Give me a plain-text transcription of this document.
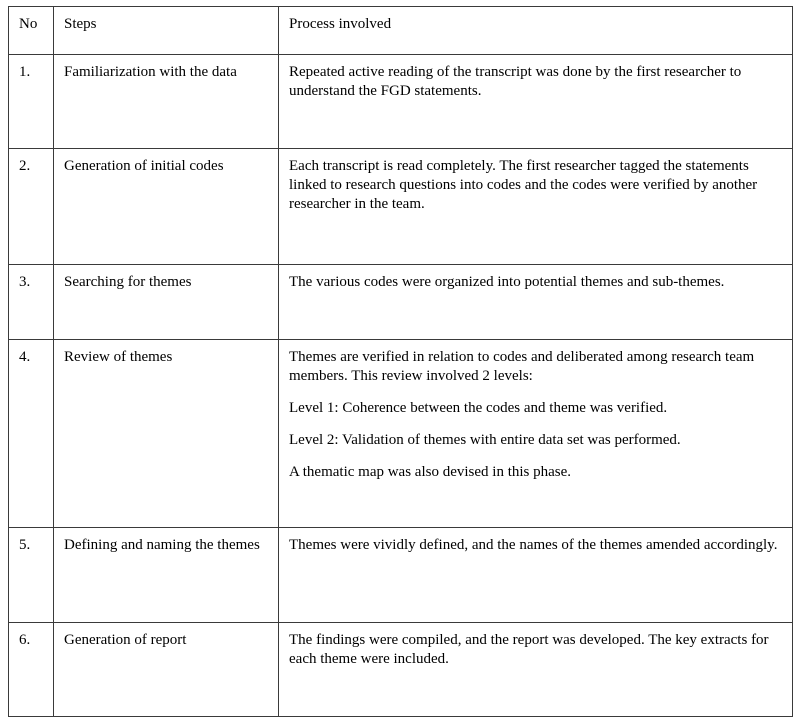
No	Steps	Process involved
1.	Familiarization with the data	Repeated active reading of the transcript was done by the first researcher to understand the FGD statements.

2.	Generation of initial codes	Each transcript is read completely. The first researcher tagged the statements linked to research questions into codes and the codes were verified by another researcher in the team.

3.	Searching for themes	The various codes were organized into potential themes and sub-themes.

4.	Review of themes	Themes are verified in relation to codes and deliberated among research team members. This review involved 2 levels:

Level 1: Coherence between the codes and theme was verified.

Level 2: Validation of themes with entire data set was performed.

A thematic map was also devised in this phase.

5.	Defining and naming the themes	Themes were vividly defined, and the names of the themes amended accordingly.

6.	Generation of report	The findings were compiled, and the report was developed. The key extracts for each theme were included.
